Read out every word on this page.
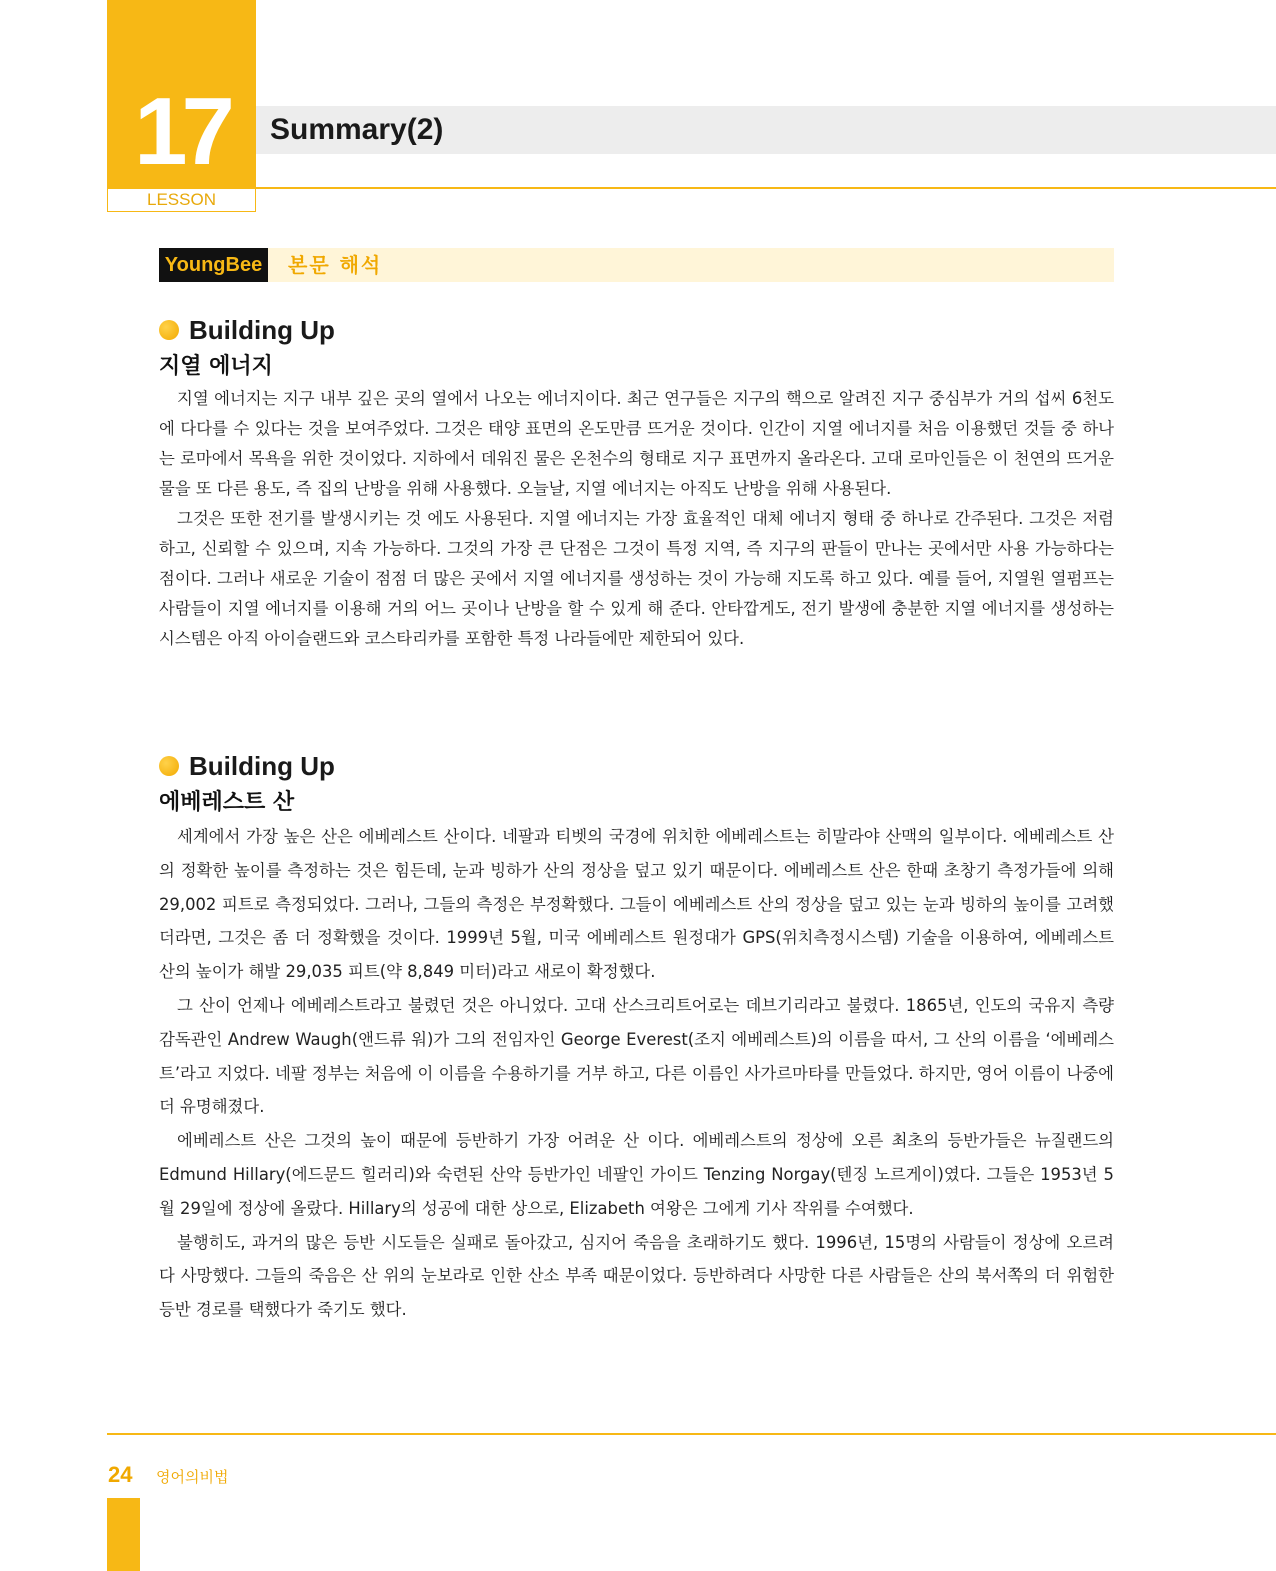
17
LESSON
Summary(2)
YoungBee 본문 해석
Building Up
지열 에너지

지열 에너지는 지구 내부 깊은 곳의 열에서 나오는 에너지이다. 최근 연구들은 지구의 핵으로 알려진 지구 중심부가 거의 섭씨 6천도에 다다를 수 있다는 것을 보여주었다. 그것은 태양 표면의 온도만큼 뜨거운 것이다. 인간이 지열 에너지를 처음 이용했던 것들 중 하나는 로마에서 목욕을 위한 것이었다. 지하에서 데워진 물은 온천수의 형태로 지구 표면까지 올라온다. 고대 로마인들은 이 천연의 뜨거운 물을 또 다른 용도, 즉 집의 난방을 위해 사용했다. 오늘날, 지열 에너지는 아직도 난방을 위해 사용된다.

그것은 또한 전기를 발생시키는 것 에도 사용된다. 지열 에너지는 가장 효율적인 대체 에너지 형태 중 하나로 간주된다. 그것은 저렴하고, 신뢰할 수 있으며, 지속 가능하다. 그것의 가장 큰 단점은 그것이 특정 지역, 즉 지구의 판들이 만나는 곳에서만 사용 가능하다는 점이다. 그러나 새로운 기술이 점점 더 많은 곳에서 지열 에너지를 생성하는 것이 가능해 지도록 하고 있다. 예를 들어, 지열원 열펌프는 사람들이 지열 에너지를 이용해 거의 어느 곳이나 난방을 할 수 있게 해 준다. 안타깝게도, 전기 발생에 충분한 지열 에너지를 생성하는 시스템은 아직 아이슬랜드와 코스타리카를 포함한 특정 나라들에만 제한되어 있다.

Building Up
에베레스트 산

세계에서 가장 높은 산은 에베레스트 산이다. 네팔과 티벳의 국경에 위치한 에베레스트는 히말라야 산맥의 일부이다. 에베레스트 산의 정확한 높이를 측정하는 것은 힘든데, 눈과 빙하가 산의 정상을 덮고 있기 때문이다. 에베레스트 산은 한때 초창기 측정가들에 의해 29,002 피트로 측정되었다. 그러나, 그들의 측정은 부정확했다. 그들이 에베레스트 산의 정상을 덮고 있는 눈과 빙하의 높이를 고려했더라면, 그것은 좀 더 정확했을 것이다. 1999년 5월, 미국 에베레스트 원정대가 GPS(위치측정시스템) 기술을 이용하여, 에베레스트 산의 높이가 해발 29,035 피트(약 8,849 미터)라고 새로이 확정했다.

그 산이 언제나 에베레스트라고 불렸던 것은 아니었다. 고대 산스크리트어로는 데브기리라고 불렸다. 1865년, 인도의 국유지 측량 감독관인 Andrew Waugh(앤드류 워)가 그의 전임자인 George Everest(조지 에베레스트)의 이름을 따서, 그 산의 이름을 ‘에베레스트’라고 지었다. 네팔 정부는 처음에 이 이름을 수용하기를 거부 하고, 다른 이름인 사가르마타를 만들었다. 하지만, 영어 이름이 나중에 더 유명해졌다.

에베레스트 산은 그것의 높이 때문에 등반하기 가장 어려운 산 이다. 에베레스트의 정상에 오른 최초의 등반가들은 뉴질랜드의 Edmund Hillary(에드문드 힐러리)와 숙련된 산악 등반가인 네팔인 가이드 Tenzing Norgay(텐징 노르게이)였다. 그들은 1953년 5월 29일에 정상에 올랐다. Hillary의 성공에 대한 상으로, Elizabeth 여왕은 그에게 기사 작위를 수여했다.

불행히도, 과거의 많은 등반 시도들은 실패로 돌아갔고, 심지어 죽음을 초래하기도 했다. 1996년, 15명의 사람들이 정상에 오르려 다 사망했다. 그들의 죽음은 산 위의 눈보라로 인한 산소 부족 때문이었다. 등반하려다 사망한 다른 사람들은 산의 북서쪽의 더 위험한 등반 경로를 택했다가 죽기도 했다.

24 영어의비법
